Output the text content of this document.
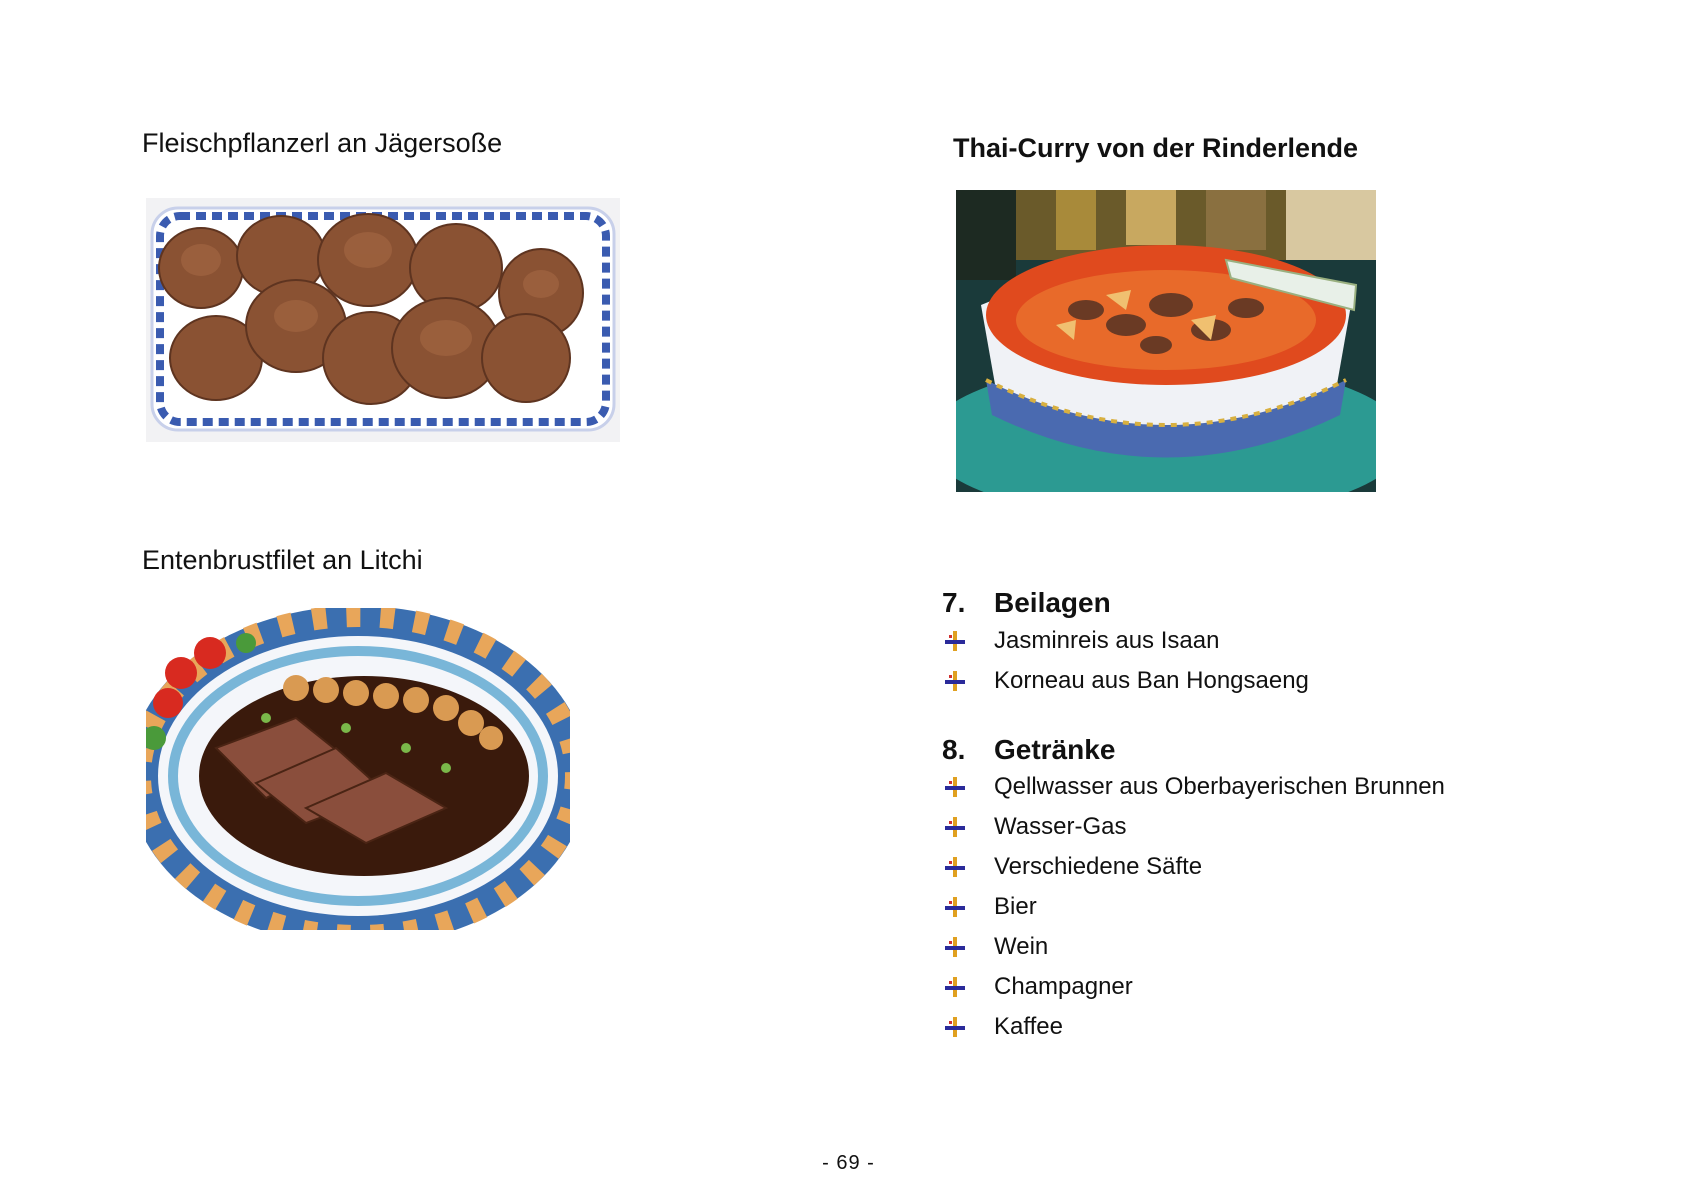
Fleischpflanzerl an Jägersoße
Entenbrustfilet an Litchi
Thai-Curry von der Rinderlende
7. Beilagen
Jasminreis aus Isaan
Korneau aus Ban Hongsaeng
8. Getränke
Qellwasser aus Oberbayerischen Brunnen
Wasser-Gas
Verschiedene Säfte
Bier
Wein
Champagner
Kaffee
- 69 -
